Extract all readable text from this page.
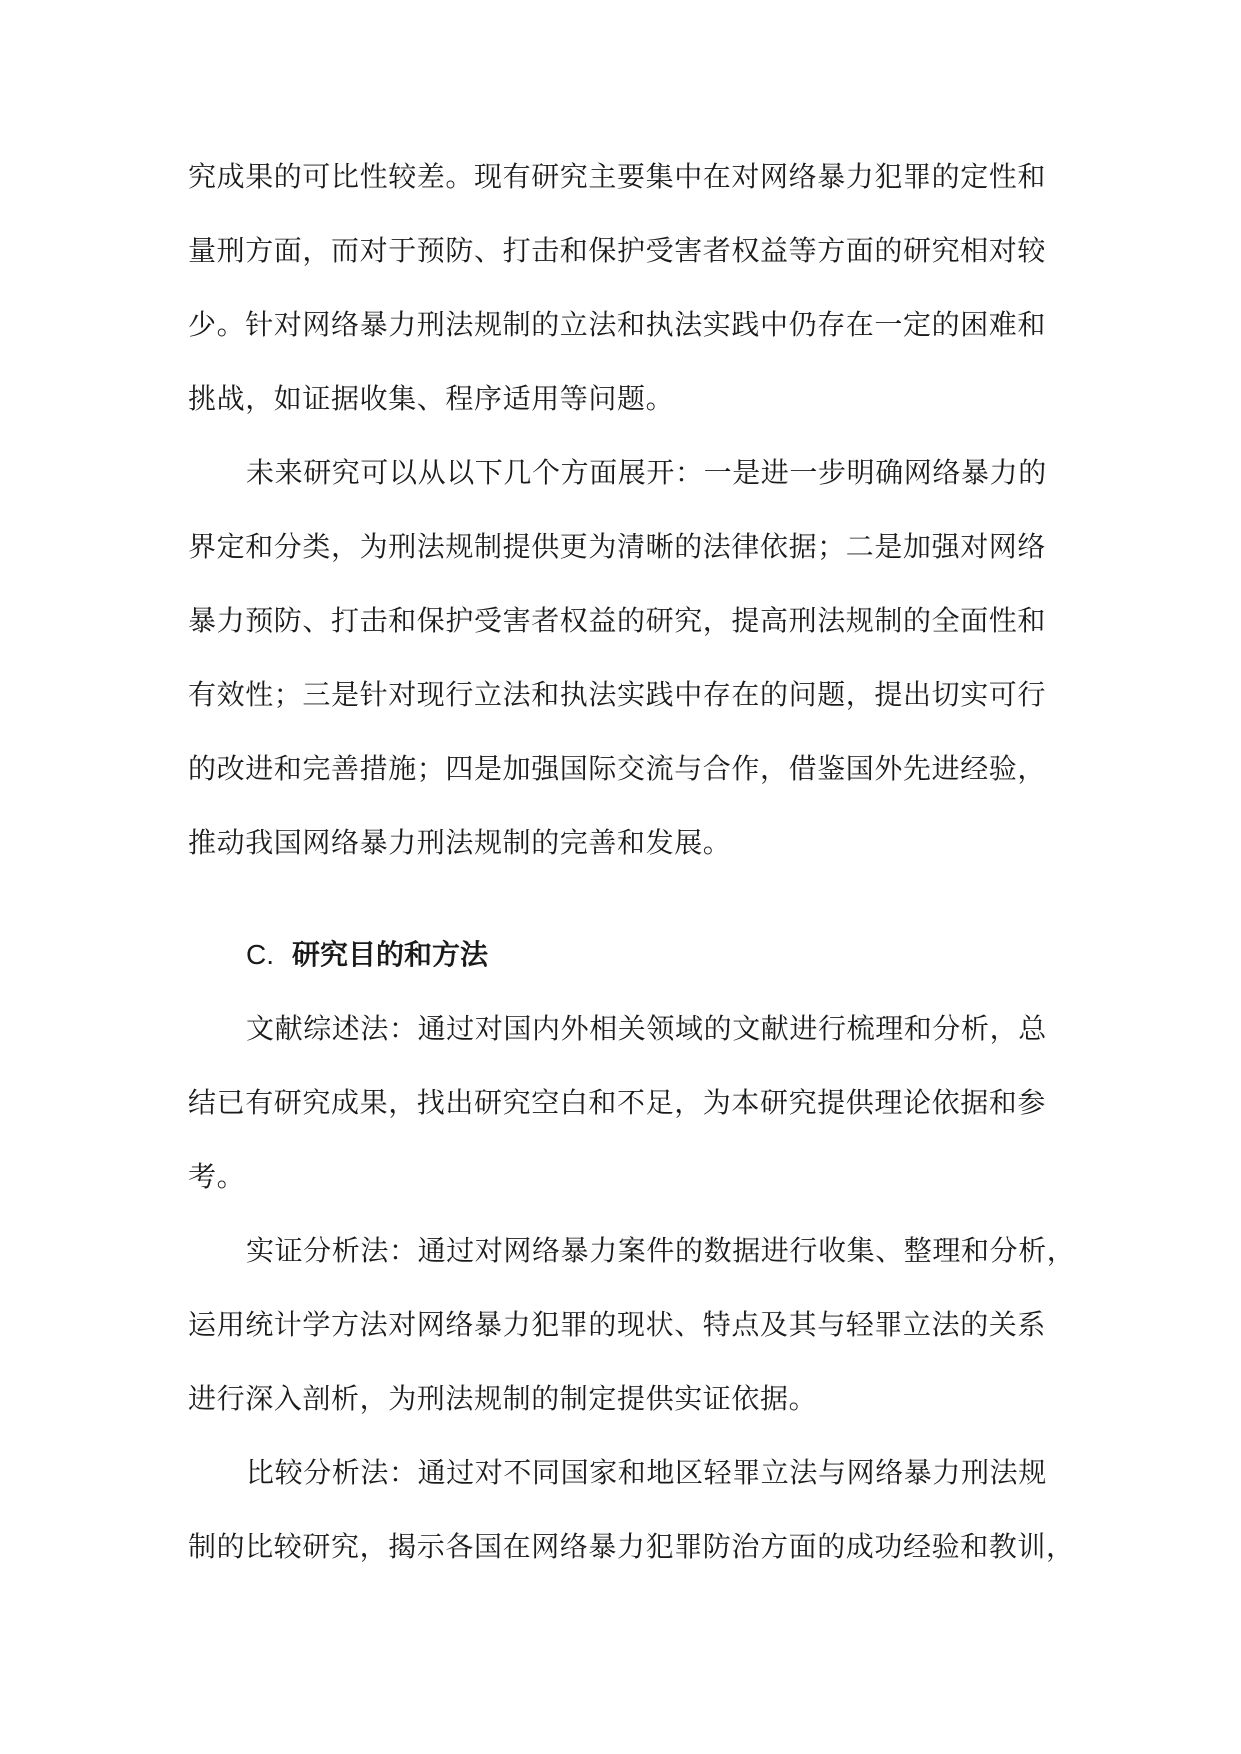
究成果的可比性较差。现有研究主要集中在对网络暴力犯罪的定性和
量刑方面，而对于预防、打击和保护受害者权益等方面的研究相对较
少。针对网络暴力刑法规制的立法和执法实践中仍存在一定的困难和
挑战，如证据收集、程序适用等问题。
未来研究可以从以下几个方面展开：一是进一步明确网络暴力的
界定和分类，为刑法规制提供更为清晰的法律依据；二是加强对网络
暴力预防、打击和保护受害者权益的研究，提高刑法规制的全面性和
有效性；三是针对现行立法和执法实践中存在的问题，提出切实可行
的改进和完善措施；四是加强国际交流与合作，借鉴国外先进经验，
推动我国网络暴力刑法规制的完善和发展。
C. 研究目的和方法
文献综述法：通过对国内外相关领域的文献进行梳理和分析，总
结已有研究成果，找出研究空白和不足，为本研究提供理论依据和参
考。
实证分析法：通过对网络暴力案件的数据进行收集、整理和分析，
运用统计学方法对网络暴力犯罪的现状、特点及其与轻罪立法的关系
进行深入剖析，为刑法规制的制定提供实证依据。
比较分析法：通过对不同国家和地区轻罪立法与网络暴力刑法规
制的比较研究，揭示各国在网络暴力犯罪防治方面的成功经验和教训，
